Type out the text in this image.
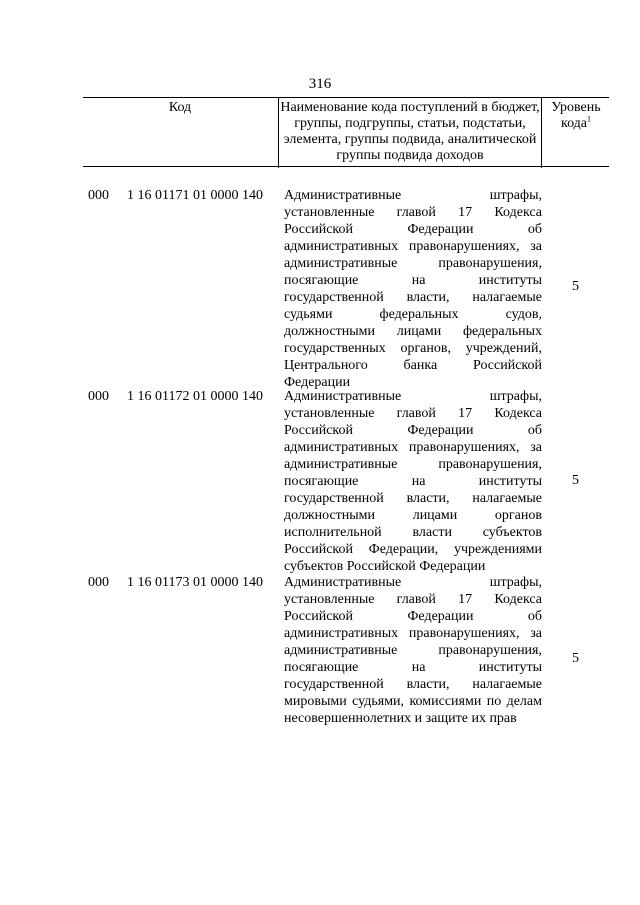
316
Код	Наименование кода поступлений в бюджет, группы, подгруппы, статьи, подстатьи, элемента, группы подвида, аналитической группы подвида доходов
Уровень кода$^1$
000 1 16 01171 01 0000 140 Административные штрафы, установленные главой 17 Кодекса Российской Федерации об административных правонарушениях, за административные правонарушения, посягающие на институты государственной власти, налагаемые судьями федеральных судов, должностными лицами федеральных государственных органов, учреждений, Центрального банка Российской Федерации
5
000 1 16 01172 01 0000 140 Административные штрафы, установленные главой 17 Кодекса Российской Федерации об административных правонарушениях, за административные правонарушения, посягающие на институты государственной власти, налагаемые должностными лицами органов исполнительной власти субъектов Российской Федерации, учреждениями субъектов Российской Федерации
5
000 1 16 01173 01 0000 140 Административные штрафы, установленные главой 17 Кодекса Российской Федерации об административных правонарушениях, за административные правонарушения, посягающие на институты государственной власти, налагаемые мировыми судьями, комиссиями по делам несовершеннолетних и защите их прав
5
